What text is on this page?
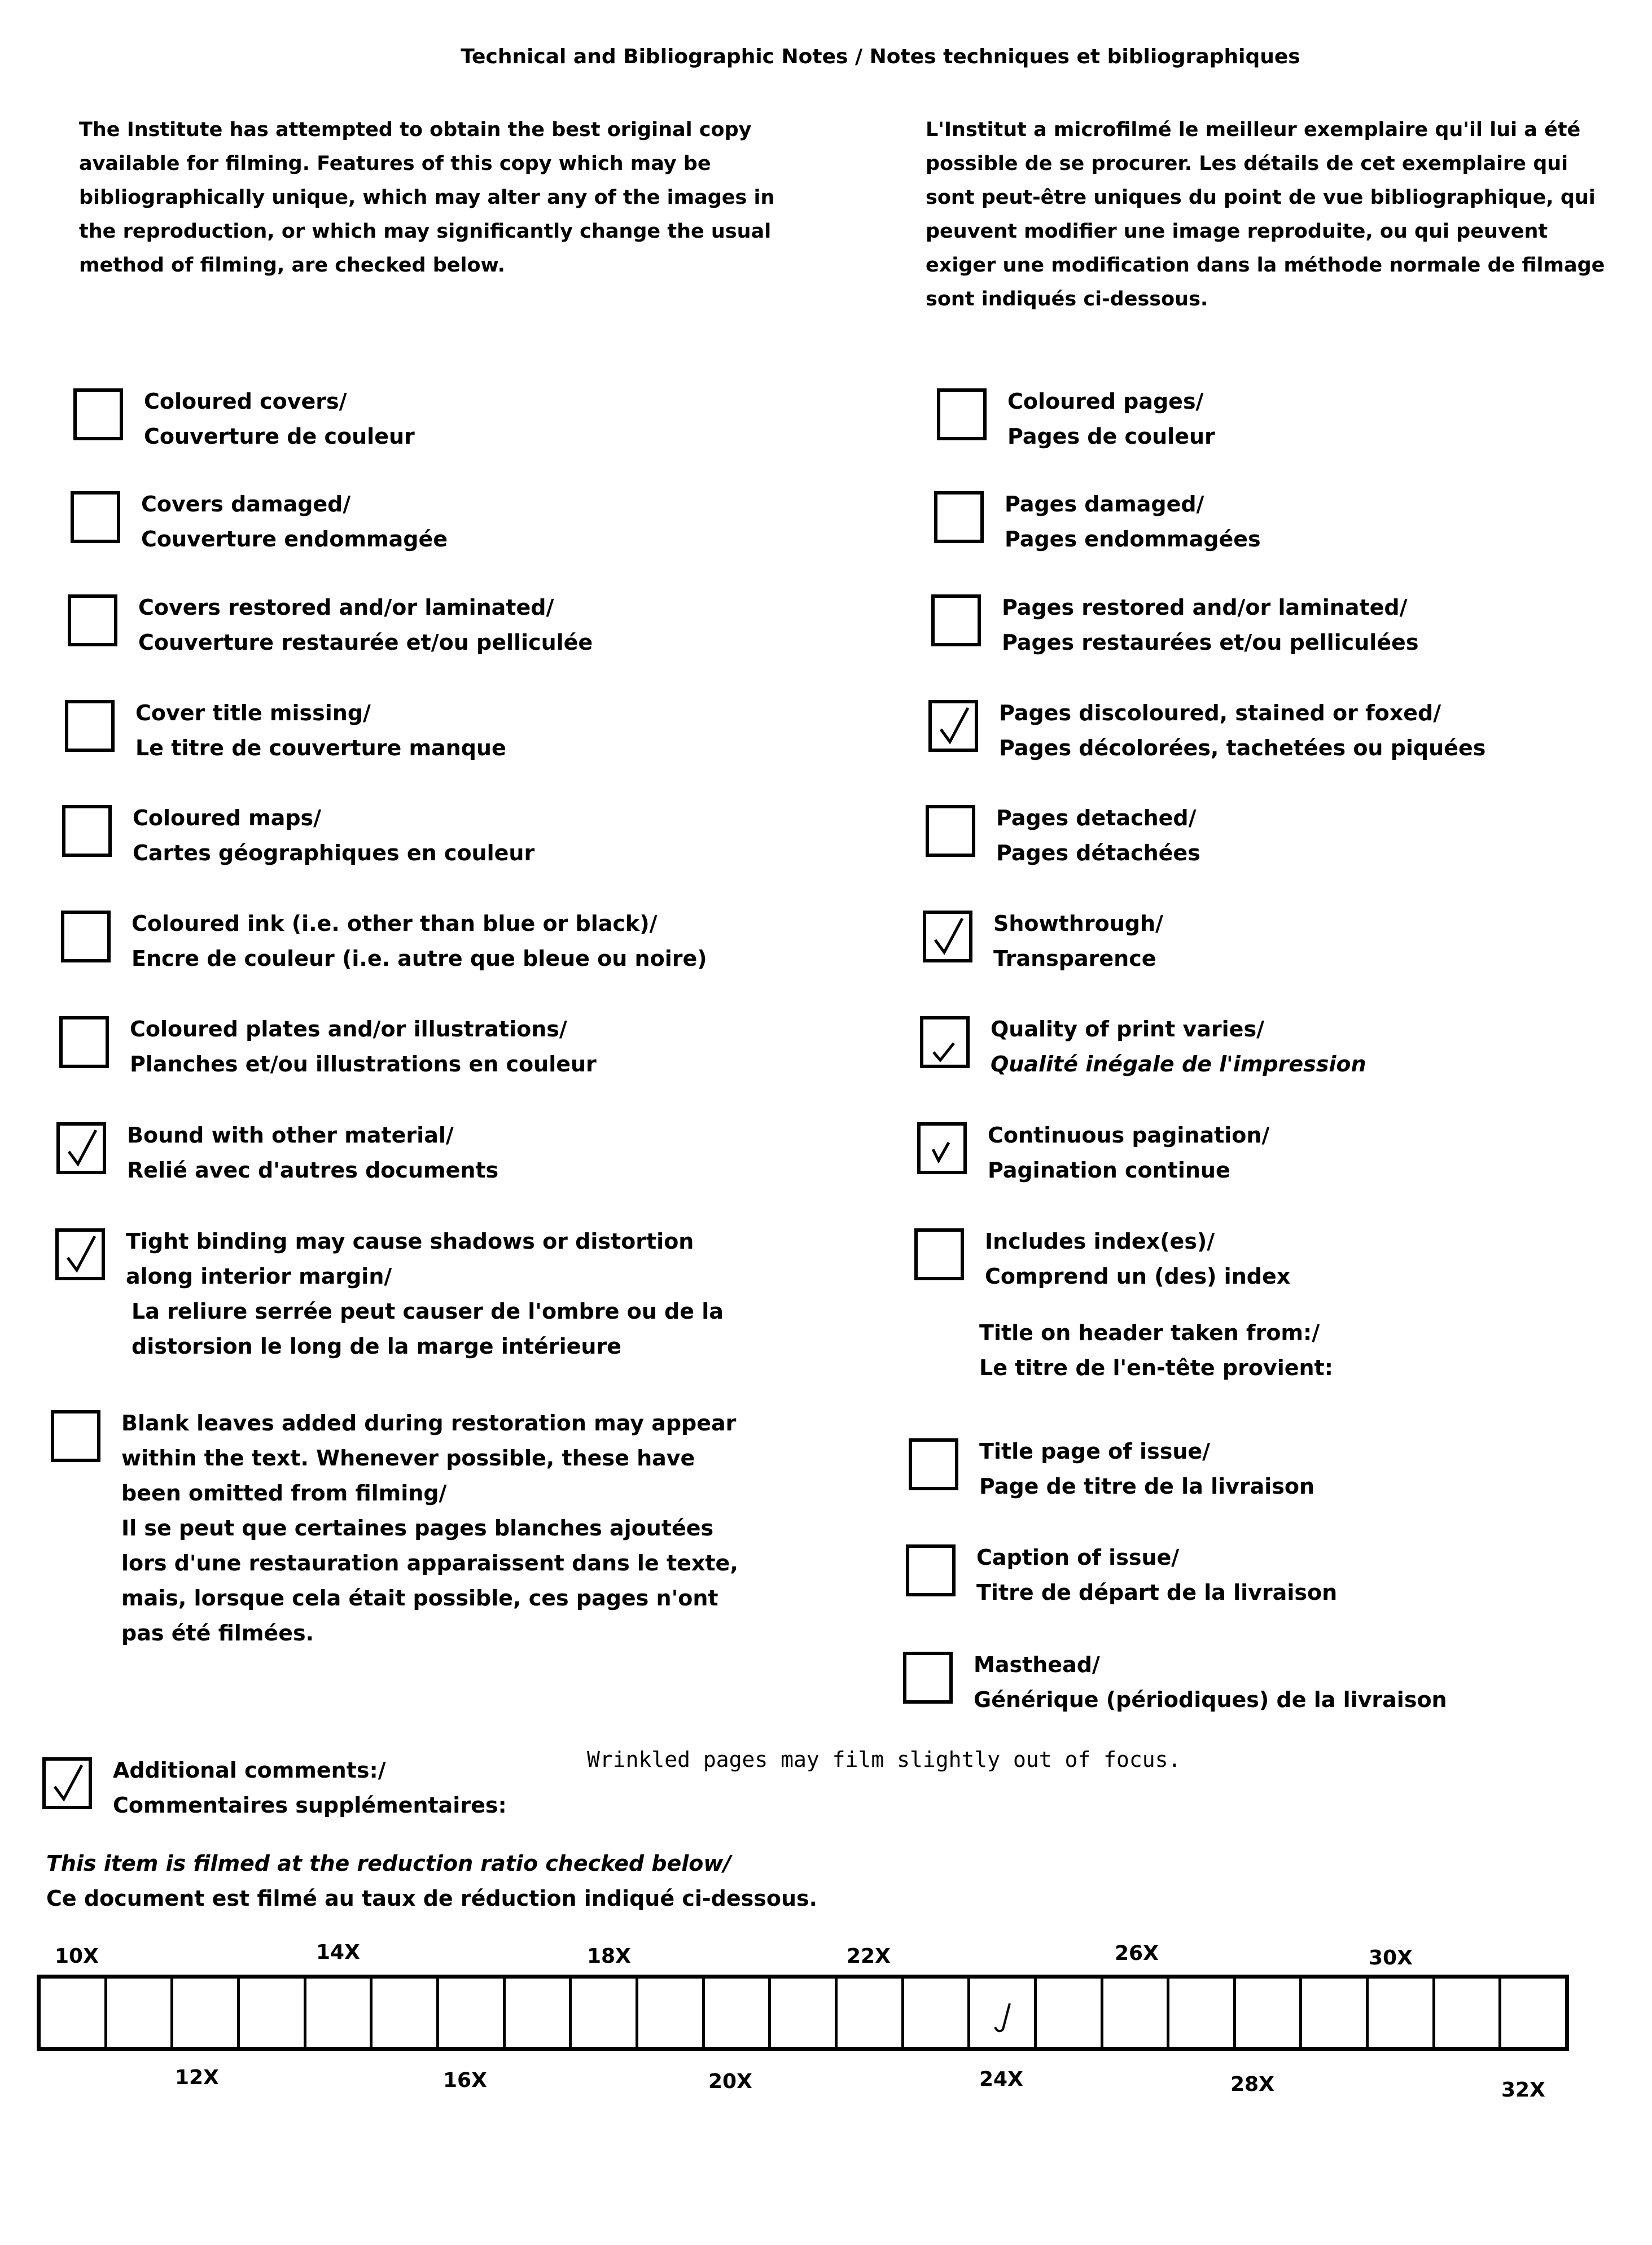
Technical and Bibliographic Notes / Notes techniques et bibliographiques
The Institute has attempted to obtain the best original copy available for filming. Features of this copy which may be bibliographically unique, which may alter any of the images in the reproduction, or which may significantly change the usual method of filming, are checked below.
L'Institut a microfilmé le meilleur exemplaire qu'il lui a été possible de se procurer. Les détails de cet exemplaire qui sont peut-être uniques du point de vue bibliographique, qui peuvent modifier une image reproduite, ou qui peuvent exiger une modification dans la méthode normale de filmage sont indiqués ci-dessous.
Coloured covers/
Couverture de couleur
Covers damaged/
Couverture endommagée
Covers restored and/or laminated/
Couverture restaurée et/ou pelliculée
Cover title missing/
Le titre de couverture manque
Coloured maps/
Cartes géographiques en couleur
Coloured ink (i.e. other than blue or black)/
Encre de couleur (i.e. autre que bleue ou noire)
Coloured plates and/or illustrations/
Planches et/ou illustrations en couleur
Bound with other material/
Relié avec d'autres documents
Tight binding may cause shadows or distortion
along interior margin/
La reliure serrée peut causer de l'ombre ou de la
distorsion le long de la marge intérieure
Blank leaves added during restoration may appear
within the text. Whenever possible, these have
been omitted from filming/
Il se peut que certaines pages blanches ajoutées
lors d'une restauration apparaissent dans le texte,
mais, lorsque cela était possible, ces pages n'ont
pas été filmées.
Coloured pages/
Pages de couleur
Pages damaged/
Pages endommagées
Pages restored and/or laminated/
Pages restaurées et/ou pelliculées
Pages discoloured, stained or foxed/
Pages décolorées, tachetées ou piquées
Pages detached/
Pages détachées
Showthrough/
Transparence
Quality of print varies/
Qualité inégale de l'impression
Continuous pagination/
Pagination continue
Includes index(es)/
Comprend un (des) index
Title on header taken from:/
Le titre de l'en-tête provient:
Title page of issue/
Page de titre de la livraison
Caption of issue/
Titre de départ de la livraison
Masthead/
Générique (périodiques) de la livraison
Additional comments:/
Commentaires supplémentaires:
Wrinkled pages may film slightly out of focus.
This item is filmed at the reduction ratio checked below/
Ce document est filmé au taux de réduction indiqué ci-dessous.
10X	14X	18X	22X	26X	30X
12X	16X	20X	24X	28X	32X
